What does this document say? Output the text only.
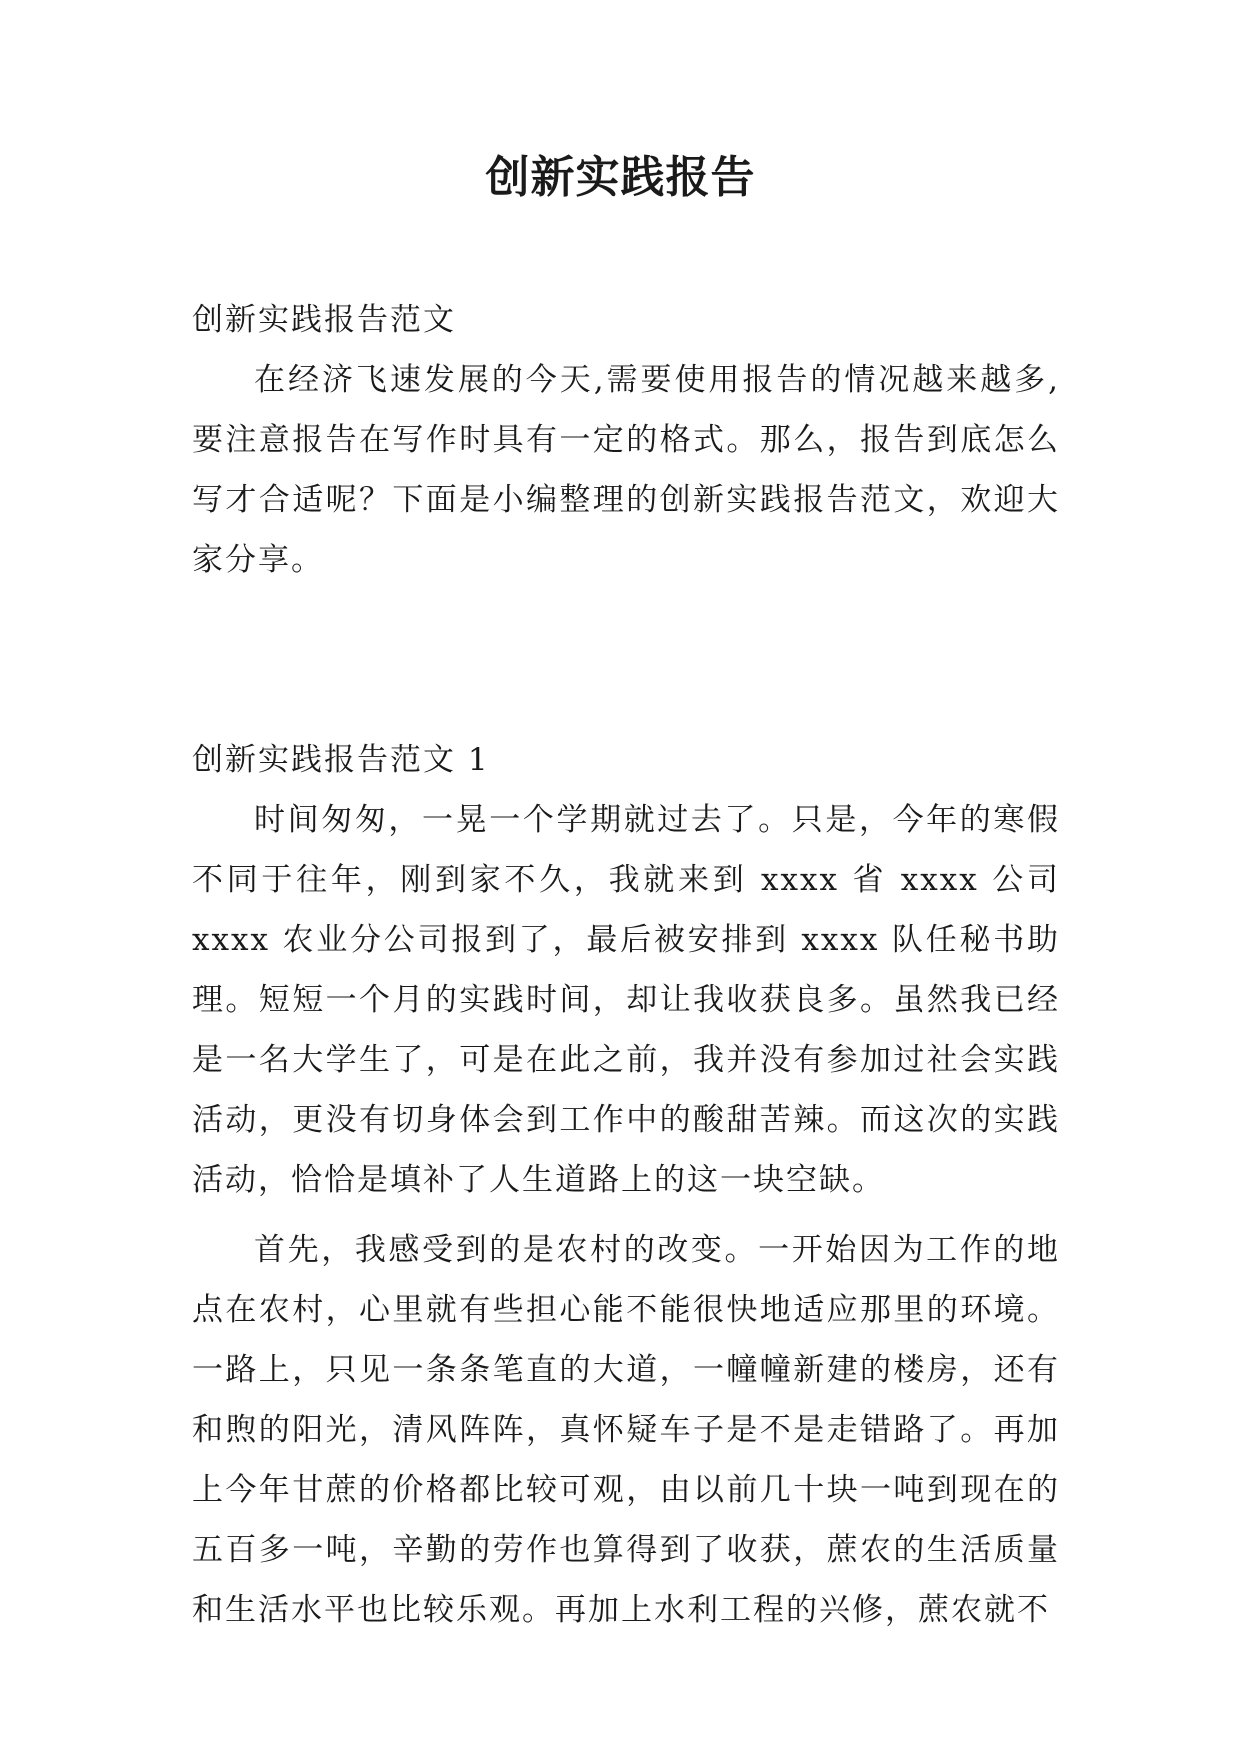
创新实践报告

创新实践报告范文

在经济飞速发展的今天,需要使用报告的情况越来越多,要注意报告在写作时具有一定的格式。那么，报告到底怎么写才合适呢？下面是小编整理的创新实践报告范文，欢迎大家分享。

创新实践报告范文 1

时间匆匆，一晃一个学期就过去了。只是，今年的寒假不同于往年，刚到家不久，我就来到 xxxx 省 xxxx 公司 xxxx 农业分公司报到了，最后被安排到 xxxx 队任秘书助理。短短一个月的实践时间，却让我收获良多。虽然我已经是一名大学生了，可是在此之前，我并没有参加过社会实践活动，更没有切身体会到工作中的酸甜苦辣。而这次的实践活动，恰恰是填补了人生道路上的这一块空缺。

首先，我感受到的是农村的改变。一开始因为工作的地点在农村，心里就有些担心能不能很快地适应那里的环境。一路上，只见一条条笔直的大道，一幢幢新建的楼房，还有和煦的阳光，清风阵阵，真怀疑车子是不是走错路了。再加上今年甘蔗的价格都比较可观，由以前几十块一吨到现在的五百多一吨，辛勤的劳作也算得到了收获，蔗农的生活质量和生活水平也比较乐观。再加上水利工程的兴修，蔗农就不
